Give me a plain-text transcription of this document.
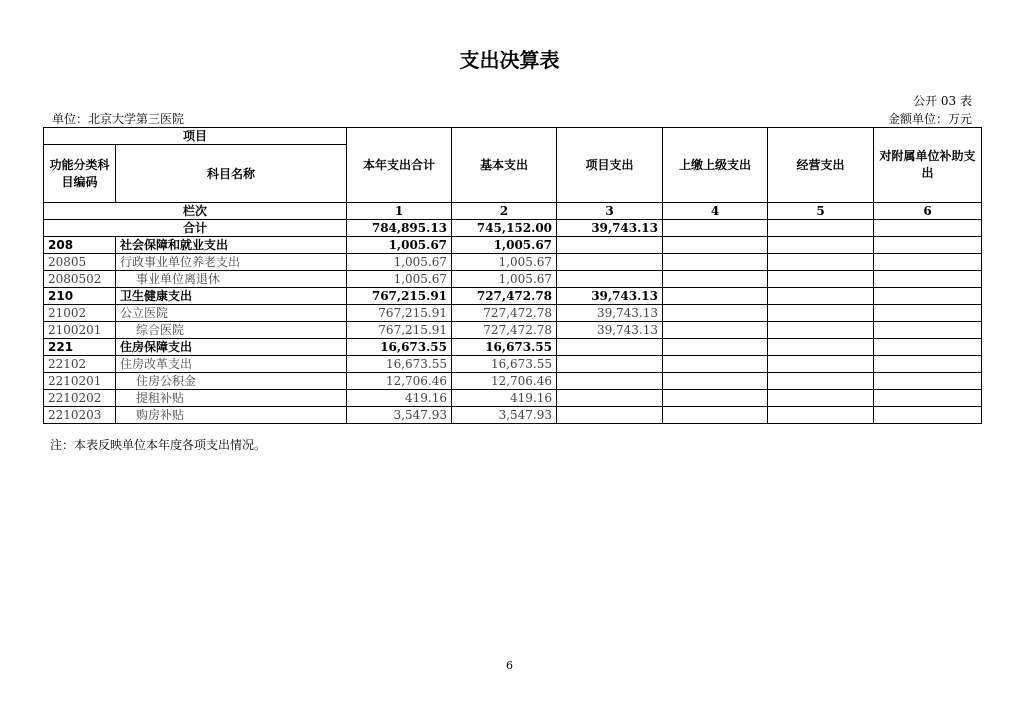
支出决算表
公开 03 表
单位：北京大学第三医院	金额单位：万元
项目		本年支出合计	基本支出	项目支出	上缴上级支出	经营支出	对附属单位补助支出
功能分类科目编码	科目名称						
栏次		1	2	3	4	5	6
合计		784,895.13	745,152.00	39,743.13			
208	社会保障和就业支出	1,005.67	1,005.67				
20805	行政事业单位养老支出	1,005.67	1,005.67				
2080502	事业单位离退休	1,005.67	1,005.67				
210	卫生健康支出	767,215.91	727,472.78	39,743.13			
21002	公立医院	767,215.91	727,472.78	39,743.13			
2100201	综合医院	767,215.91	727,472.78	39,743.13			
221	住房保障支出	16,673.55	16,673.55				
22102	住房改革支出	16,673.55	16,673.55				
2210201	住房公积金	12,706.46	12,706.46				
2210202	提租补贴	419.16	419.16				
2210203	购房补贴	3,547.93	3,547.93				
注：本表反映单位本年度各项支出情况。
6
